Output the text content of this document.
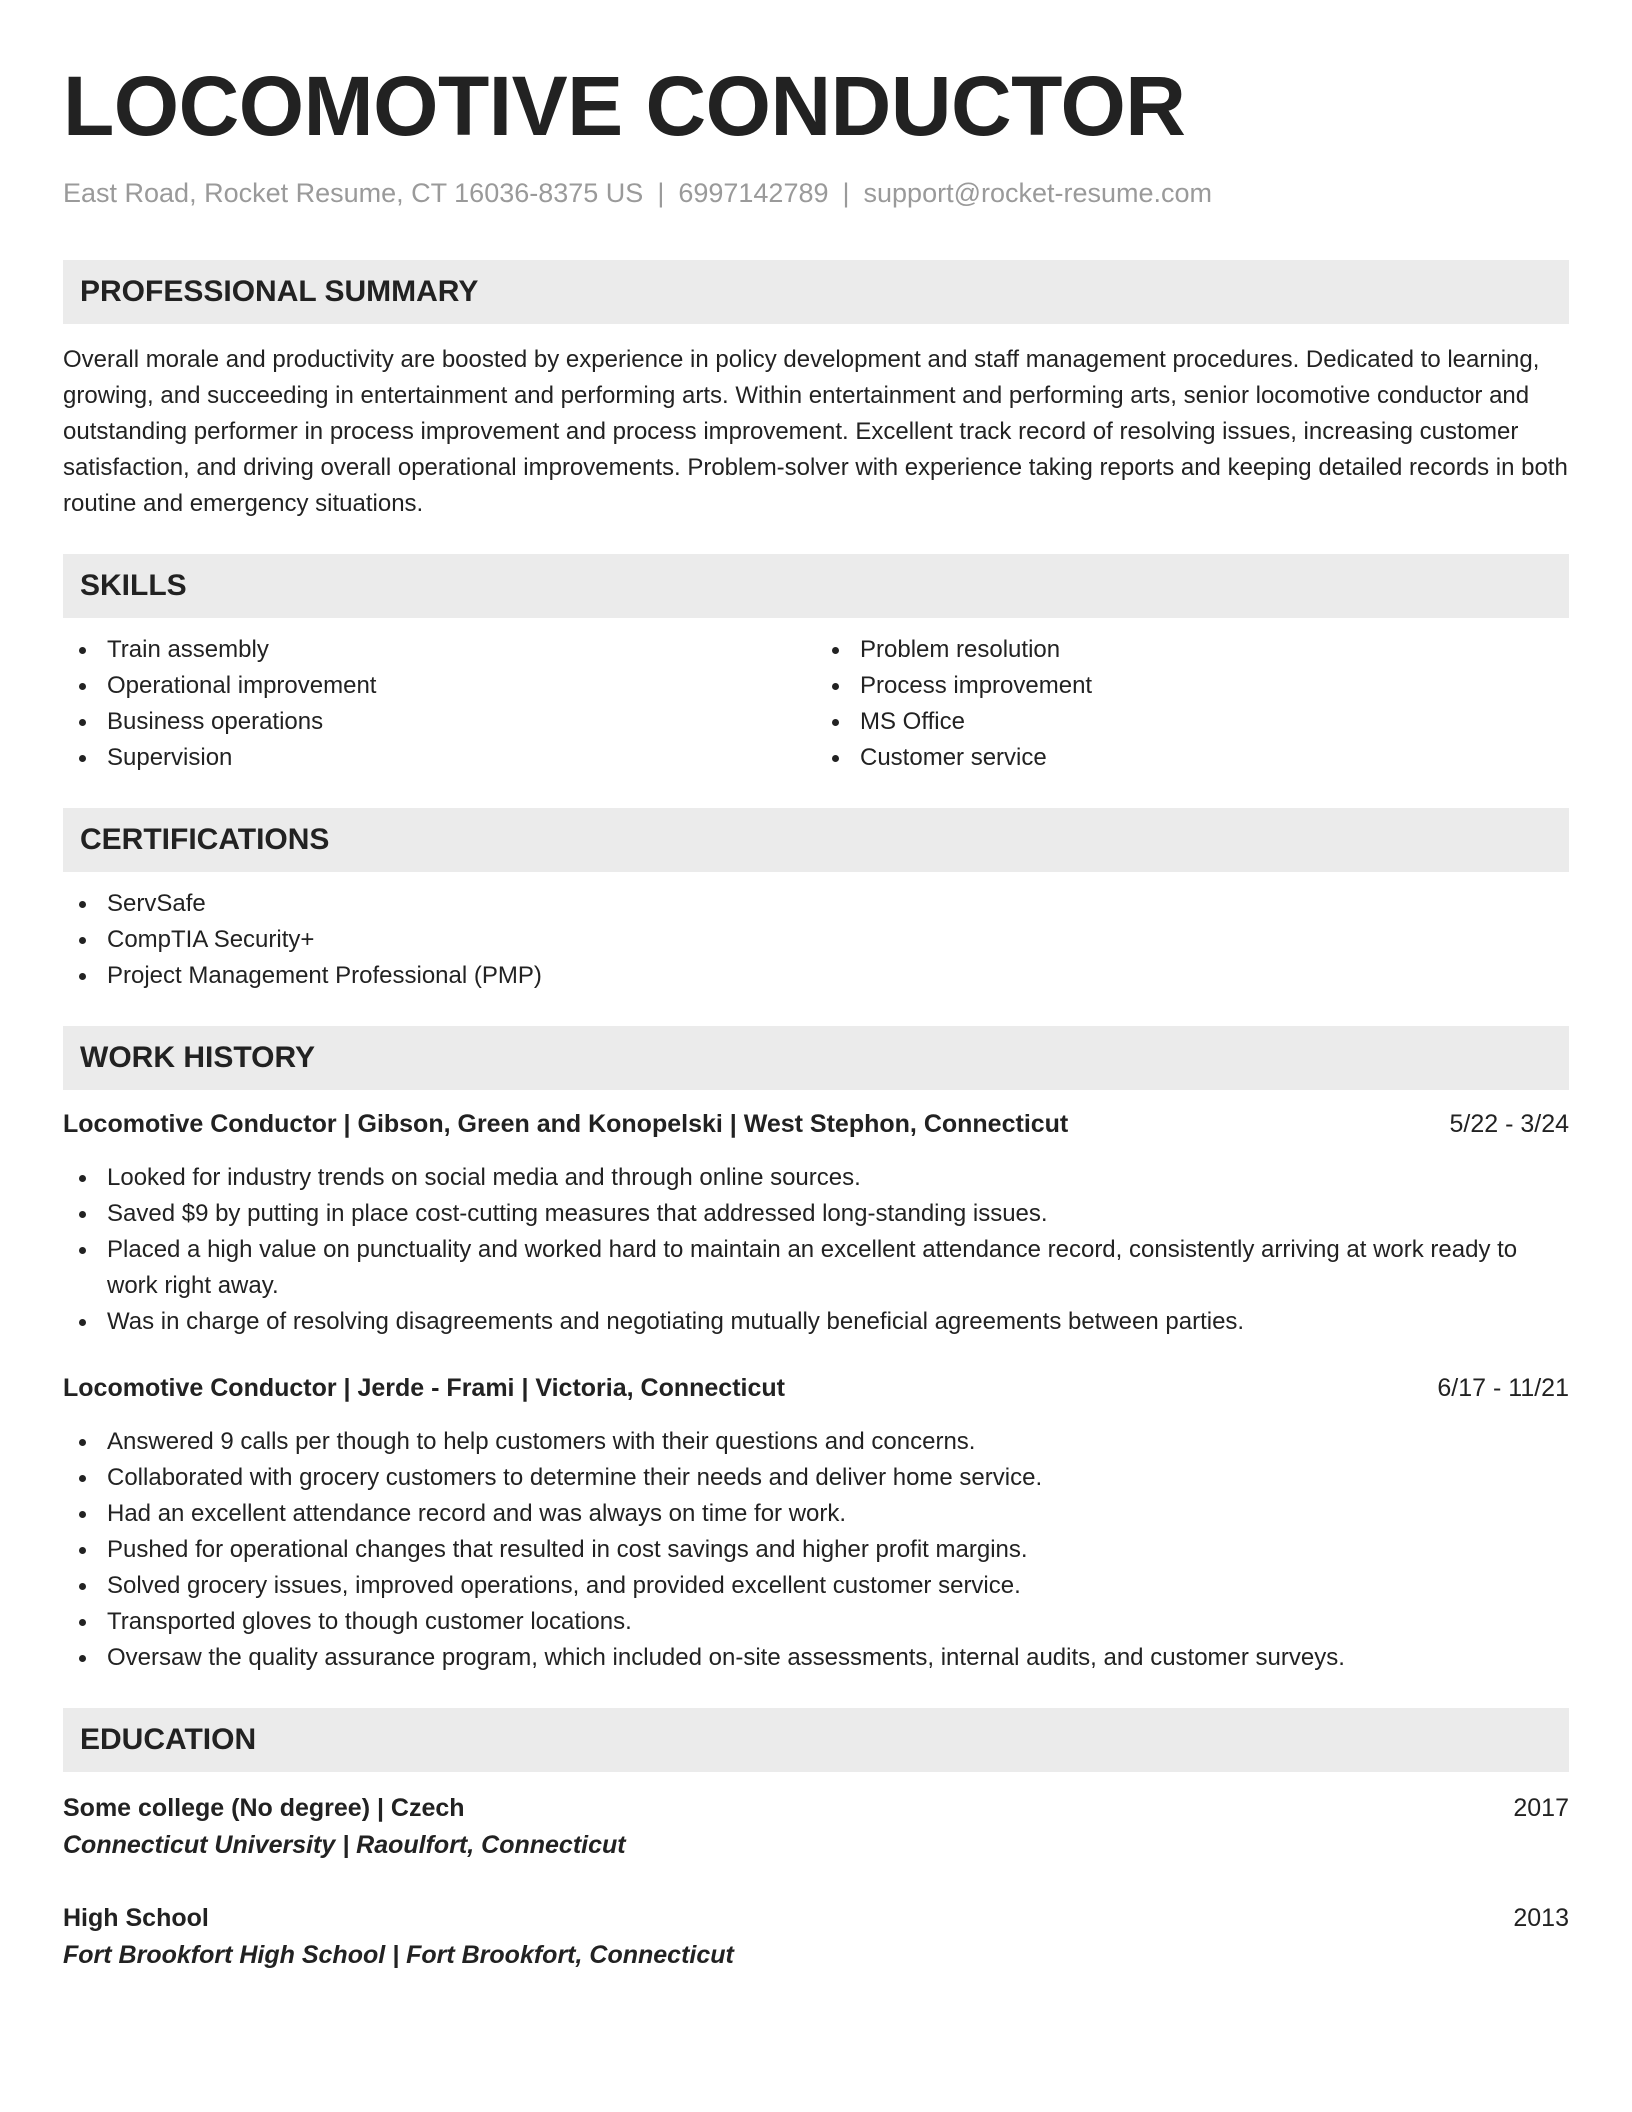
LOCOMOTIVE CONDUCTOR
East Road, Rocket Resume, CT 16036-8375 US | 6997142789 | support@rocket-resume.com
PROFESSIONAL SUMMARY
Overall morale and productivity are boosted by experience in policy development and staff management procedures. Dedicated to learning, growing, and succeeding in entertainment and performing arts. Within entertainment and performing arts, senior locomotive conductor and outstanding performer in process improvement and process improvement. Excellent track record of resolving issues, increasing customer satisfaction, and driving overall operational improvements. Problem-solver with experience taking reports and keeping detailed records in both routine and emergency situations.
SKILLS
Train assembly
Operational improvement
Business operations
Supervision
Problem resolution
Process improvement
MS Office
Customer service
CERTIFICATIONS
ServSafe
CompTIA Security+
Project Management Professional (PMP)
WORK HISTORY
Locomotive Conductor | Gibson, Green and Konopelski | West Stephon, Connecticut	5/22 - 3/24
Looked for industry trends on social media and through online sources.
Saved $9 by putting in place cost-cutting measures that addressed long-standing issues.
Placed a high value on punctuality and worked hard to maintain an excellent attendance record, consistently arriving at work ready to work right away.
Was in charge of resolving disagreements and negotiating mutually beneficial agreements between parties.
Locomotive Conductor | Jerde - Frami | Victoria, Connecticut	6/17 - 11/21
Answered 9 calls per though to help customers with their questions and concerns.
Collaborated with grocery customers to determine their needs and deliver home service.
Had an excellent attendance record and was always on time for work.
Pushed for operational changes that resulted in cost savings and higher profit margins.
Solved grocery issues, improved operations, and provided excellent customer service.
Transported gloves to though customer locations.
Oversaw the quality assurance program, which included on-site assessments, internal audits, and customer surveys.
EDUCATION
Some college (No degree) | Czech	2017
Connecticut University | Raoulfort, Connecticut
High School	2013
Fort Brookfort High School | Fort Brookfort, Connecticut
